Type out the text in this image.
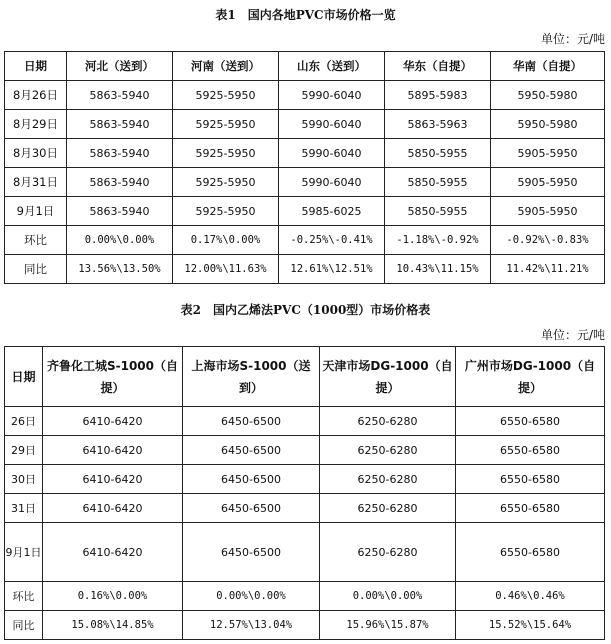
表1　国内各地PVC市场价格一览
单位：元/吨
日期	河北（送到）	河南（送到）	山东（送到）	华东（自提）	华南（自提）
8月26日	5863-5940	5925-5950	5990-6040	5895-5983	5950-5980
8月29日	5863-5940	5925-5950	5990-6040	5863-5963	5950-5980
8月30日	5863-5940	5925-5950	5990-6040	5850-5955	5905-5950
8月31日	5863-5940	5925-5950	5990-6040	5850-5955	5905-5950
9月1日	5863-5940	5925-5950	5985-6025	5850-5955	5905-5950
环比	0.00%\0.00%	0.17%\0.00%	-0.25%\-0.41%	-1.18%\-0.92%	-0.92%\-0.83%
同比	13.56%\13.50%	12.00%\11.63%	12.61%\12.51%	10.43%\11.15%	11.42%\11.21%
表2　国内乙烯法PVC（1000型）市场价格表
单位：元/吨
日期	齐鲁化工城S-1000（自提）	上海市场S-1000（送到）	天津市场DG-1000（自提）	广州市场DG-1000（自提）
26日	6410-6420	6450-6500	6250-6280	6550-6580
29日	6410-6420	6450-6500	6250-6280	6550-6580
30日	6410-6420	6450-6500	6250-6280	6550-6580
31日	6410-6420	6450-6500	6250-6280	6550-6580
9月1日	6410-6420	6450-6500	6250-6280	6550-6580
环比	0.16%\0.00%	0.00%\0.00%	0.00%\0.00%	0.46%\0.46%
同比	15.08%\14.85%	12.57%\13.04%	15.96%\15.87%	15.52%\15.64%
